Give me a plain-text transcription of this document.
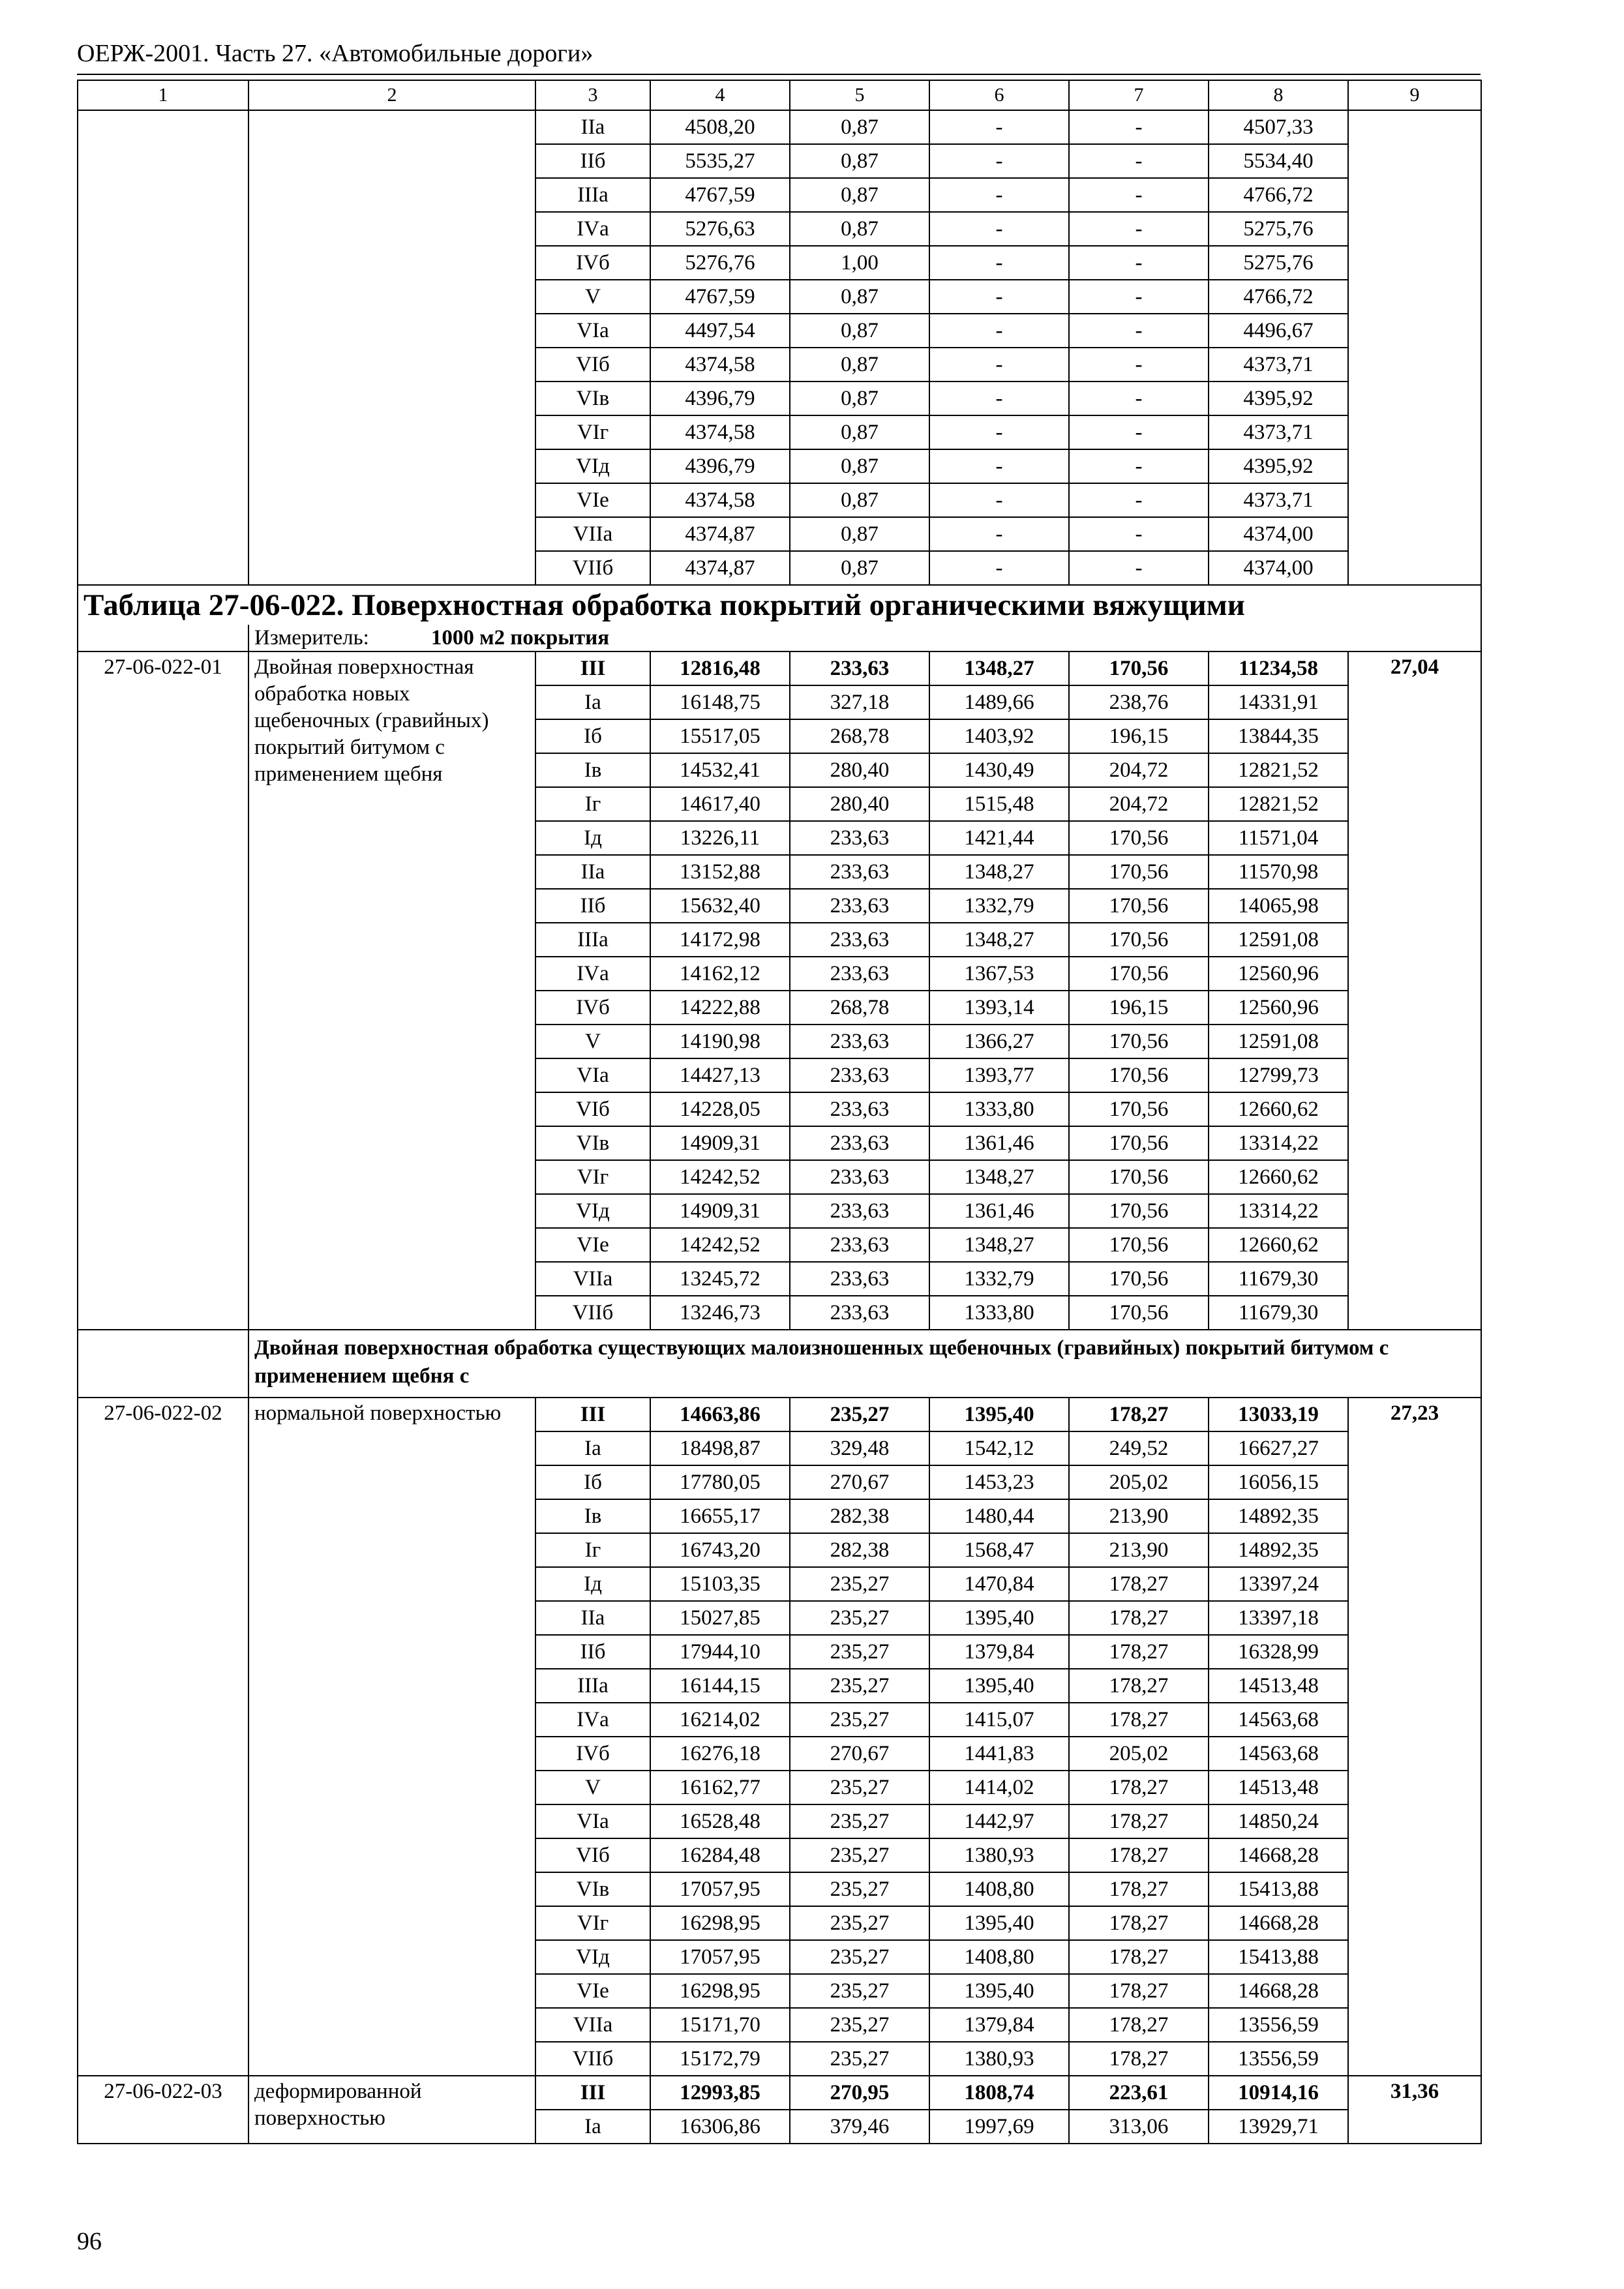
ОЕРЖ-2001. Часть 27. «Автомобильные дороги»
1	2	3	4	5	6	7	8	9
		IIа	4508,20	0,87	-	-	4507,33	
		IIб	5535,27	0,87	-	-	5534,40	
		IIIа	4767,59	0,87	-	-	4766,72	
		IVа	5276,63	0,87	-	-	5275,76	
		IVб	5276,76	1,00	-	-	5275,76	
		V	4767,59	0,87	-	-	4766,72	
		VIа	4497,54	0,87	-	-	4496,67	
		VIб	4374,58	0,87	-	-	4373,71	
		VIв	4396,79	0,87	-	-	4395,92	
		VIг	4374,58	0,87	-	-	4373,71	
		VIд	4396,79	0,87	-	-	4395,92	
		VIе	4374,58	0,87	-	-	4373,71	
		VIIа	4374,87	0,87	-	-	4374,00	
		VIIб	4374,87	0,87	-	-	4374,00	
Таблица 27-06-022. Поверхностная обработка покрытий органическими вяжущими								
	Измеритель: 1000 м2 покрытия							
27-06-022-01	Двойная поверхностная обработка новых щебеночных (гравийных) покрытий битумом с применением щебня	III	12816,48	233,63	1348,27	170,56	11234,58	27,04
		Iа	16148,75	327,18	1489,66	238,76	14331,91	
		Iб	15517,05	268,78	1403,92	196,15	13844,35	
		Iв	14532,41	280,40	1430,49	204,72	12821,52	
		Iг	14617,40	280,40	1515,48	204,72	12821,52	
		Iд	13226,11	233,63	1421,44	170,56	11571,04	
		IIа	13152,88	233,63	1348,27	170,56	11570,98	
		IIб	15632,40	233,63	1332,79	170,56	14065,98	
		IIIа	14172,98	233,63	1348,27	170,56	12591,08	
		IVа	14162,12	233,63	1367,53	170,56	12560,96	
		IVб	14222,88	268,78	1393,14	196,15	12560,96	
		V	14190,98	233,63	1366,27	170,56	12591,08	
		VIа	14427,13	233,63	1393,77	170,56	12799,73	
		VIб	14228,05	233,63	1333,80	170,56	12660,62	
		VIв	14909,31	233,63	1361,46	170,56	13314,22	
		VIг	14242,52	233,63	1348,27	170,56	12660,62	
		VIд	14909,31	233,63	1361,46	170,56	13314,22	
		VIе	14242,52	233,63	1348,27	170,56	12660,62	
		VIIа	13245,72	233,63	1332,79	170,56	11679,30	
		VIIб	13246,73	233,63	1333,80	170,56	11679,30	
	Двойная поверхностная обработка существующих малоизношенных щебеночных (гравийных) покрытий битумом с применением щебня с							
27-06-022-02	нормальной поверхностью	III	14663,86	235,27	1395,40	178,27	13033,19	27,23
		Iа	18498,87	329,48	1542,12	249,52	16627,27	
		Iб	17780,05	270,67	1453,23	205,02	16056,15	
		Iв	16655,17	282,38	1480,44	213,90	14892,35	
		Iг	16743,20	282,38	1568,47	213,90	14892,35	
		Iд	15103,35	235,27	1470,84	178,27	13397,24	
		IIа	15027,85	235,27	1395,40	178,27	13397,18	
		IIб	17944,10	235,27	1379,84	178,27	16328,99	
		IIIа	16144,15	235,27	1395,40	178,27	14513,48	
		IVа	16214,02	235,27	1415,07	178,27	14563,68	
		IVб	16276,18	270,67	1441,83	205,02	14563,68	
		V	16162,77	235,27	1414,02	178,27	14513,48	
		VIа	16528,48	235,27	1442,97	178,27	14850,24	
		VIб	16284,48	235,27	1380,93	178,27	14668,28	
		VIв	17057,95	235,27	1408,80	178,27	15413,88	
		VIг	16298,95	235,27	1395,40	178,27	14668,28	
		VIд	17057,95	235,27	1408,80	178,27	15413,88	
		VIе	16298,95	235,27	1395,40	178,27	14668,28	
		VIIа	15171,70	235,27	1379,84	178,27	13556,59	
		VIIб	15172,79	235,27	1380,93	178,27	13556,59	
27-06-022-03	деформированной поверхностью	III	12993,85	270,95	1808,74	223,61	10914,16	31,36
		Iа	16306,86	379,46	1997,69	313,06	13929,71	
96
